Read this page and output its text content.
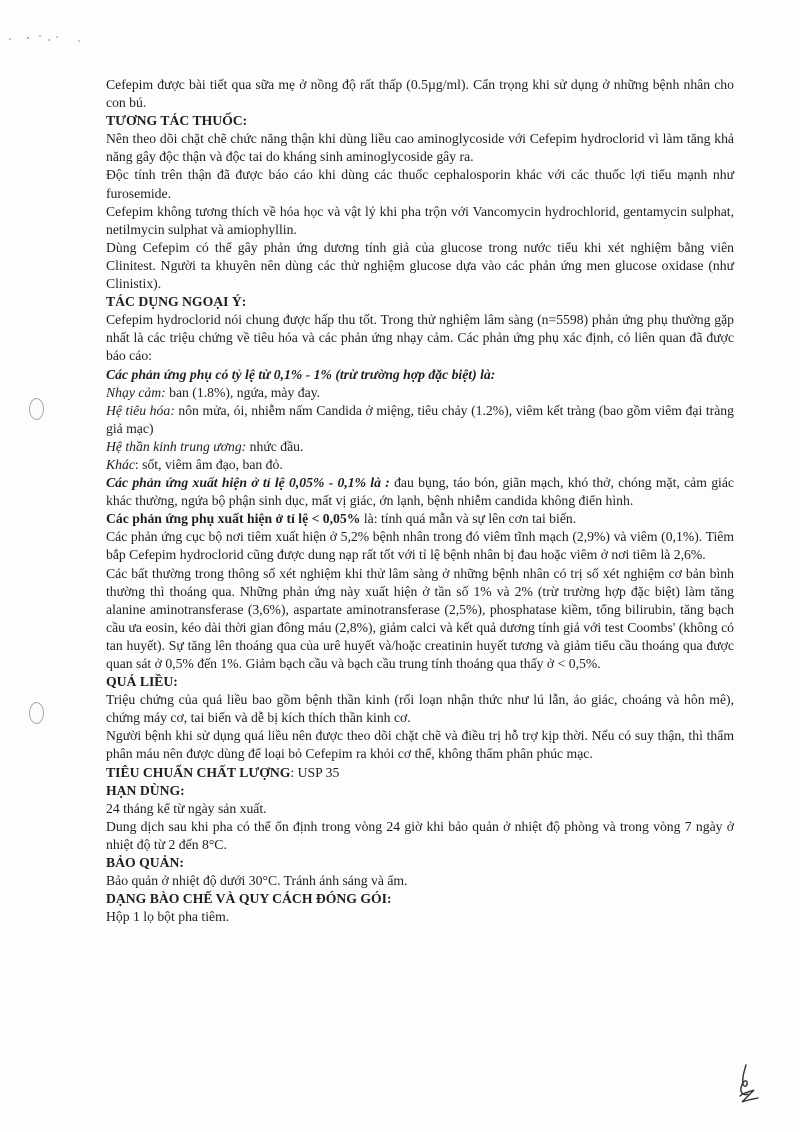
Cefepim được bài tiết qua sữa mẹ ở nồng độ rất thấp (0.5µg/ml). Cẩn trọng khi sử dụng ở những bệnh nhân cho con bú.

TƯƠNG TÁC THUỐC:

Nên theo dõi chặt chẽ chức năng thận khi dùng liều cao aminoglycoside với Cefepim hydroclorid vì làm tăng khả năng gây độc thận và độc tai do kháng sinh aminoglycoside gây ra.

Độc tính trên thận đã được báo cáo khi dùng các thuốc cephalosporin khác với các thuốc lợi tiểu mạnh như furosemide.

Cefepim không tương thích về hóa học và vật lý khi pha trộn với Vancomycin hydrochlorid, gentamycin sulphat, netilmycin sulphat và amiophyllin.

Dùng Cefepim có thể gây phản ứng dương tính giả của glucose trong nước tiểu khi xét nghiệm bằng viên Clinitest. Người ta khuyên nên dùng các thử nghiệm glucose dựa vào các phản ứng men glucose oxidase (như Clinistix).

TÁC DỤNG NGOẠI Ý:

Cefepim hydroclorid nói chung được hấp thu tốt. Trong thử nghiệm lâm sàng (n=5598) phản ứng phụ thường gặp nhất là các triệu chứng về tiêu hóa và các phản ứng nhạy cảm. Các phản ứng phụ xác định, có liên quan đã được báo cáo:

Các phản ứng phụ có tỷ lệ từ 0,1% - 1% (trừ trường hợp đặc biệt) là:

Nhạy cảm: ban (1.8%), ngứa, mày đay.

Hệ tiêu hóa: nôn mửa, ói, nhiễm nấm Candida ở miệng, tiêu chảy (1.2%), viêm kết tràng (bao gồm viêm đại tràng giả mạc)

Hệ thần kinh trung ương: nhức đầu.

Khác: sốt, viêm âm đạo, ban đỏ.

Các phản ứng xuất hiện ở tỉ lệ 0,05% - 0,1% là : đau bụng, táo bón, giãn mạch, khó thở, chóng mặt, cảm giác khác thường, ngứa bộ phận sinh dục, mất vị giác, ớn lạnh, bệnh nhiễm candida không điển hình.

Các phản ứng phụ xuất hiện ở tỉ lệ < 0,05% là: tính quá mẫn và sự lên cơn tai biến.

Các phản ứng cục bộ nơi tiêm xuất hiện ở 5,2% bệnh nhân trong đó viêm tĩnh mạch (2,9%) và viêm (0,1%). Tiêm bắp Cefepim hydroclorid cũng được dung nạp rất tốt với tỉ lệ bệnh nhân bị đau hoặc viêm ở nơi tiêm là 2,6%.

Các bất thường trong thông số xét nghiệm khi thử lâm sàng ở những bệnh nhân có trị số xét nghiệm cơ bản bình thường thì thoáng qua. Những phản ứng này xuất hiện ở tần số 1% và 2% (trừ trường hợp đặc biệt) làm tăng alanine aminotransferase (3,6%), aspartate aminotransferase (2,5%), phosphatase kiềm, tổng bilirubin, tăng bạch cầu ưa eosin, kéo dài thời gian đông máu (2,8%), giảm calci và kết quả dương tính giả với test Coombs' (không có tan huyết). Sự tăng lên thoáng qua của urê huyết và/hoặc creatinin huyết tương và giảm tiểu cầu thoáng qua được quan sát ở 0,5% đến 1%. Giảm bạch cầu và bạch cầu trung tính thoáng qua thấy ở < 0,5%.

QUÁ LIỀU:

Triệu chứng của quá liều bao gồm bệnh thần kinh (rối loạn nhận thức như lú lẫn, ảo giác, choáng và hôn mê), chứng máy cơ, tai biến và dễ bị kích thích thần kinh cơ.

Người bệnh khi sử dụng quá liều nên được theo dõi chặt chẽ và điều trị hỗ trợ kịp thời. Nếu có suy thận, thì thẩm phân máu nên được dùng để loại bỏ Cefepim ra khỏi cơ thể, không thẩm phân phúc mạc.

TIÊU CHUẨN CHẤT LƯỢNG: USP 35

HẠN DÙNG:

24 tháng kể từ ngày sản xuất.

Dung dịch sau khi pha có thể ổn định trong vòng 24 giờ khi bảo quản ở nhiệt độ phòng và trong vòng 7 ngày ở nhiệt độ từ 2 đến 8°C.

BẢO QUẢN:

Bảo quản ở nhiệt độ dưới 30°C. Tránh ánh sáng và ẩm.

DẠNG BÀO CHẾ VÀ QUY CÁCH ĐÓNG GÓI:

Hộp 1 lọ bột pha tiêm.
